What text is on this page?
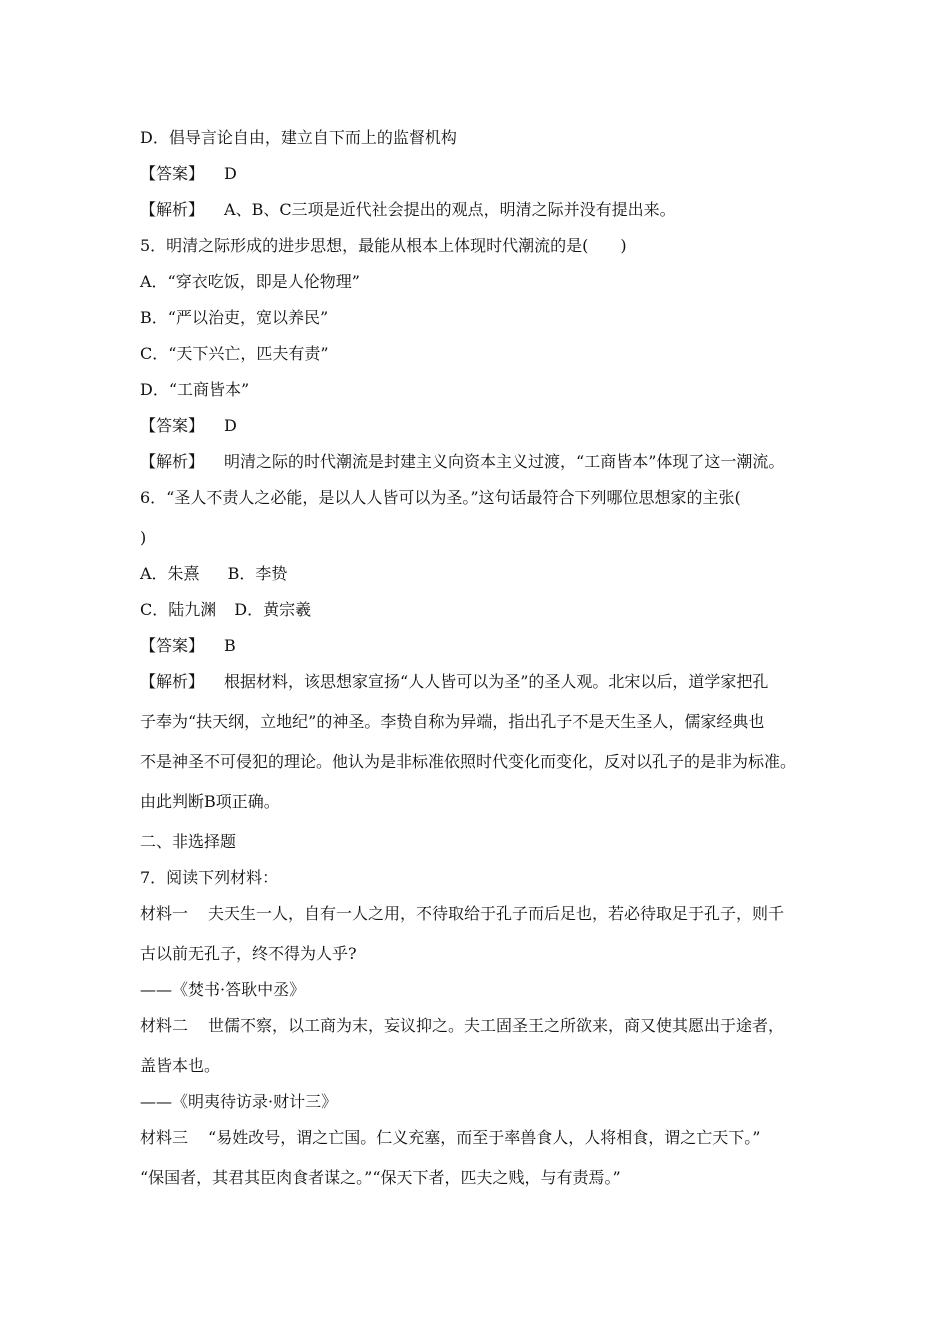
D．倡导言论自由，建立自下而上的监督机构
【答案】 D
【解析】 A、B、C三项是近代社会提出的观点，明清之际并没有提出来。
5．明清之际形成的进步思想，最能从根本上体现时代潮流的是(　　)
A．“穿衣吃饭，即是人伦物理”
B．“严以治吏，宽以养民”
C．“天下兴亡，匹夫有责”
D．“工商皆本”
【答案】 D
【解析】 明清之际的时代潮流是封建主义向资本主义过渡，“工商皆本”体现了这一潮流。
6．“圣人不责人之必能，是以人人皆可以为圣。”这句话最符合下列哪位思想家的主张(
)
A．朱熹 B．李贽
C．陆九渊 D．黄宗羲
【答案】 B
【解析】 根据材料，该思想家宣扬“人人皆可以为圣”的圣人观。北宋以后，道学家把孔
子奉为“扶天纲，立地纪”的神圣。李贽自称为异端，指出孔子不是天生圣人，儒家经典也
不是神圣不可侵犯的理论。他认为是非标准依照时代变化而变化，反对以孔子的是非为标准。
由此判断B项正确。
二、非选择题
7．阅读下列材料：
材料一 夫天生一人，自有一人之用，不待取给于孔子而后足也，若必待取足于孔子，则千
古以前无孔子，终不得为人乎?
——《焚书·答耿中丞》
材料二 世儒不察，以工商为末，妄议抑之。夫工固圣王之所欲来，商又使其愿出于途者，
盖皆本也。
——《明夷待访录·财计三》
材料三 “易姓改号，谓之亡国。仁义充塞，而至于率兽食人，人将相食，谓之亡天下。”
“保国者，其君其臣肉食者谋之。”“保天下者，匹夫之贱，与有责焉。”
